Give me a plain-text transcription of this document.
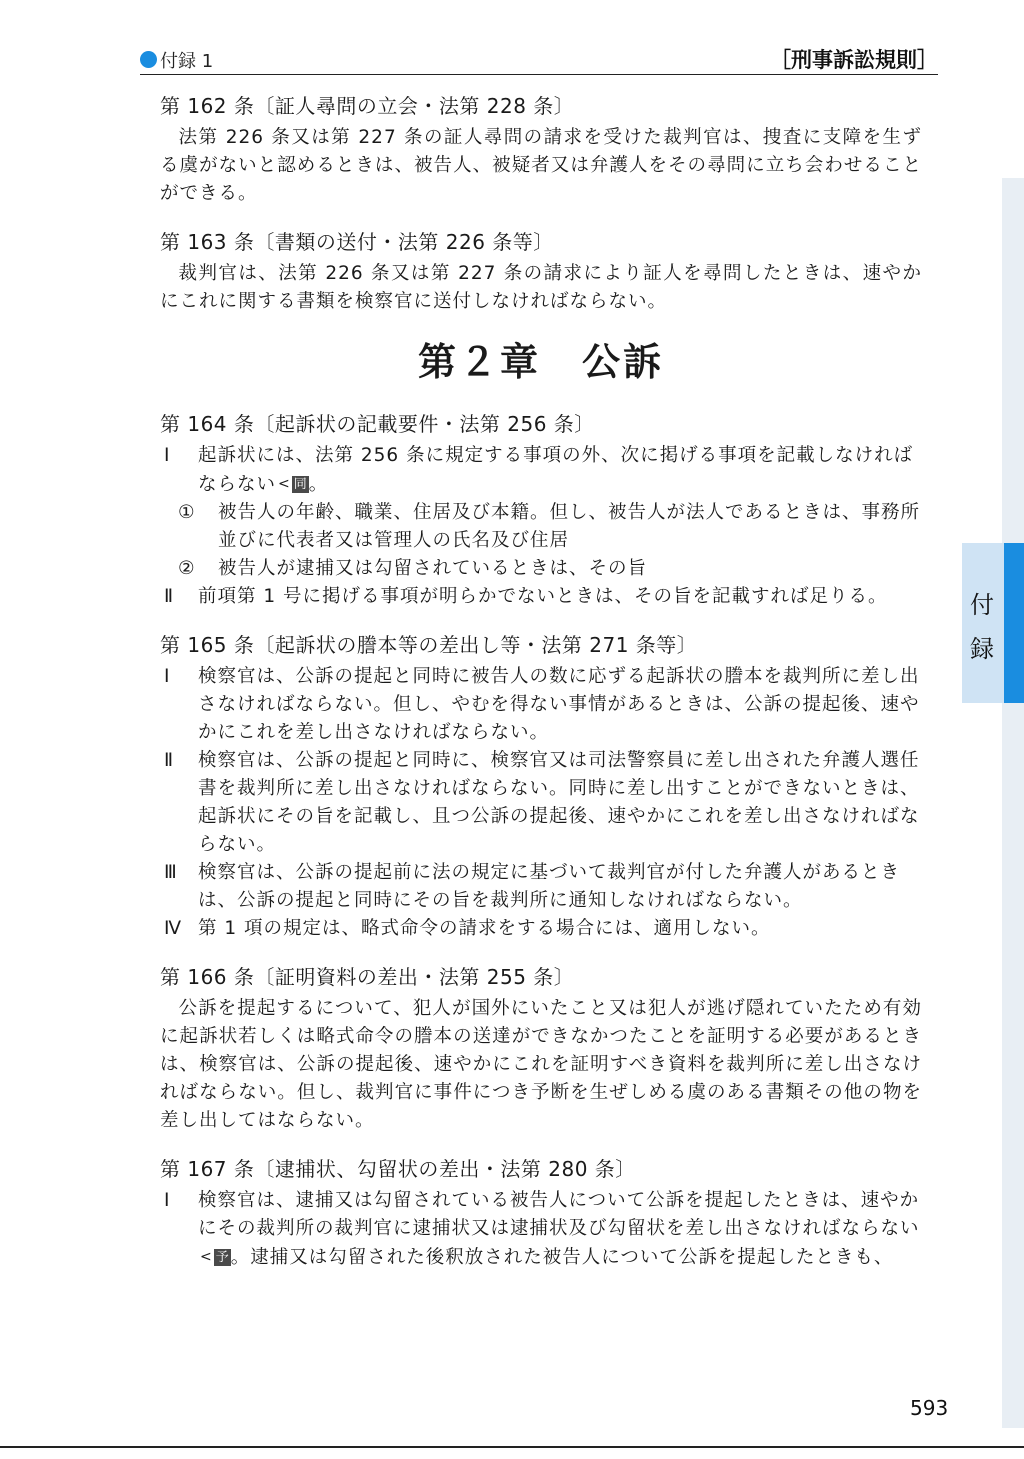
付録 1	［刑事訴訟規則］
付
録
第 162 条〔証人尋問の立会・法第 228 条〕
法第 226 条又は第 227 条の証人尋問の請求を受けた裁判官は、捜査に支障を生ずる虞がないと認めるときは、被告人、被疑者又は弁護人をその尋問に立ち会わせることができる。
第 163 条〔書類の送付・法第 226 条等〕
裁判官は、法第 226 条又は第 227 条の請求により証人を尋問したときは、速やかにこれに関する書類を検察官に送付しなければならない。
第２章　公訴
第 164 条〔起訴状の記載要件・法第 256 条〕
Ⅰ	起訴状には、法第 256 条に規定する事項の外、次に掲げる事項を記載しなければならない < 同 。
①	被告人の年齢、職業、住居及び本籍。但し、被告人が法人であるときは、事務所並びに代表者又は管理人の氏名及び住居
②	被告人が逮捕又は勾留されているときは、その旨
Ⅱ	前項第 1 号に掲げる事項が明らかでないときは、その旨を記載すれば足りる。
第 165 条〔起訴状の謄本等の差出し等・法第 271 条等〕
Ⅰ	検察官は、公訴の提起と同時に被告人の数に応ずる起訴状の謄本を裁判所に差し出さなければならない。但し、やむを得ない事情があるときは、公訴の提起後、速やかにこれを差し出さなければならない。
Ⅱ	検察官は、公訴の提起と同時に、検察官又は司法警察員に差し出された弁護人選任書を裁判所に差し出さなければならない。同時に差し出すことができないときは、起訴状にその旨を記載し、且つ公訴の提起後、速やかにこれを差し出さなければならない。
Ⅲ	検察官は、公訴の提起前に法の規定に基づいて裁判官が付した弁護人があるときは、公訴の提起と同時にその旨を裁判所に通知しなければならない。
Ⅳ 第 1 項の規定は、略式命令の請求をする場合には、適用しない。
第 166 条〔証明資料の差出・法第 255 条〕
公訴を提起するについて、犯人が国外にいたこと又は犯人が逃げ隠れていたため有効に起訴状若しくは略式命令の謄本の送達ができなかつたことを証明する必要があるときは、検察官は、公訴の提起後、速やかにこれを証明すべき資料を裁判所に差し出さなければならない。但し、裁判官に事件につき予断を生ぜしめる虞のある書類その他の物を差し出してはならない。
第 167 条〔逮捕状、勾留状の差出・法第 280 条〕
Ⅰ	検察官は、逮捕又は勾留されている被告人について公訴を提起したときは、速やかにその裁判所の裁判官に逮捕状又は逮捕状及び勾留状を差し出さなければならない< 予 。逮捕又は勾留された後釈放された被告人について公訴を提起したときも、
593
